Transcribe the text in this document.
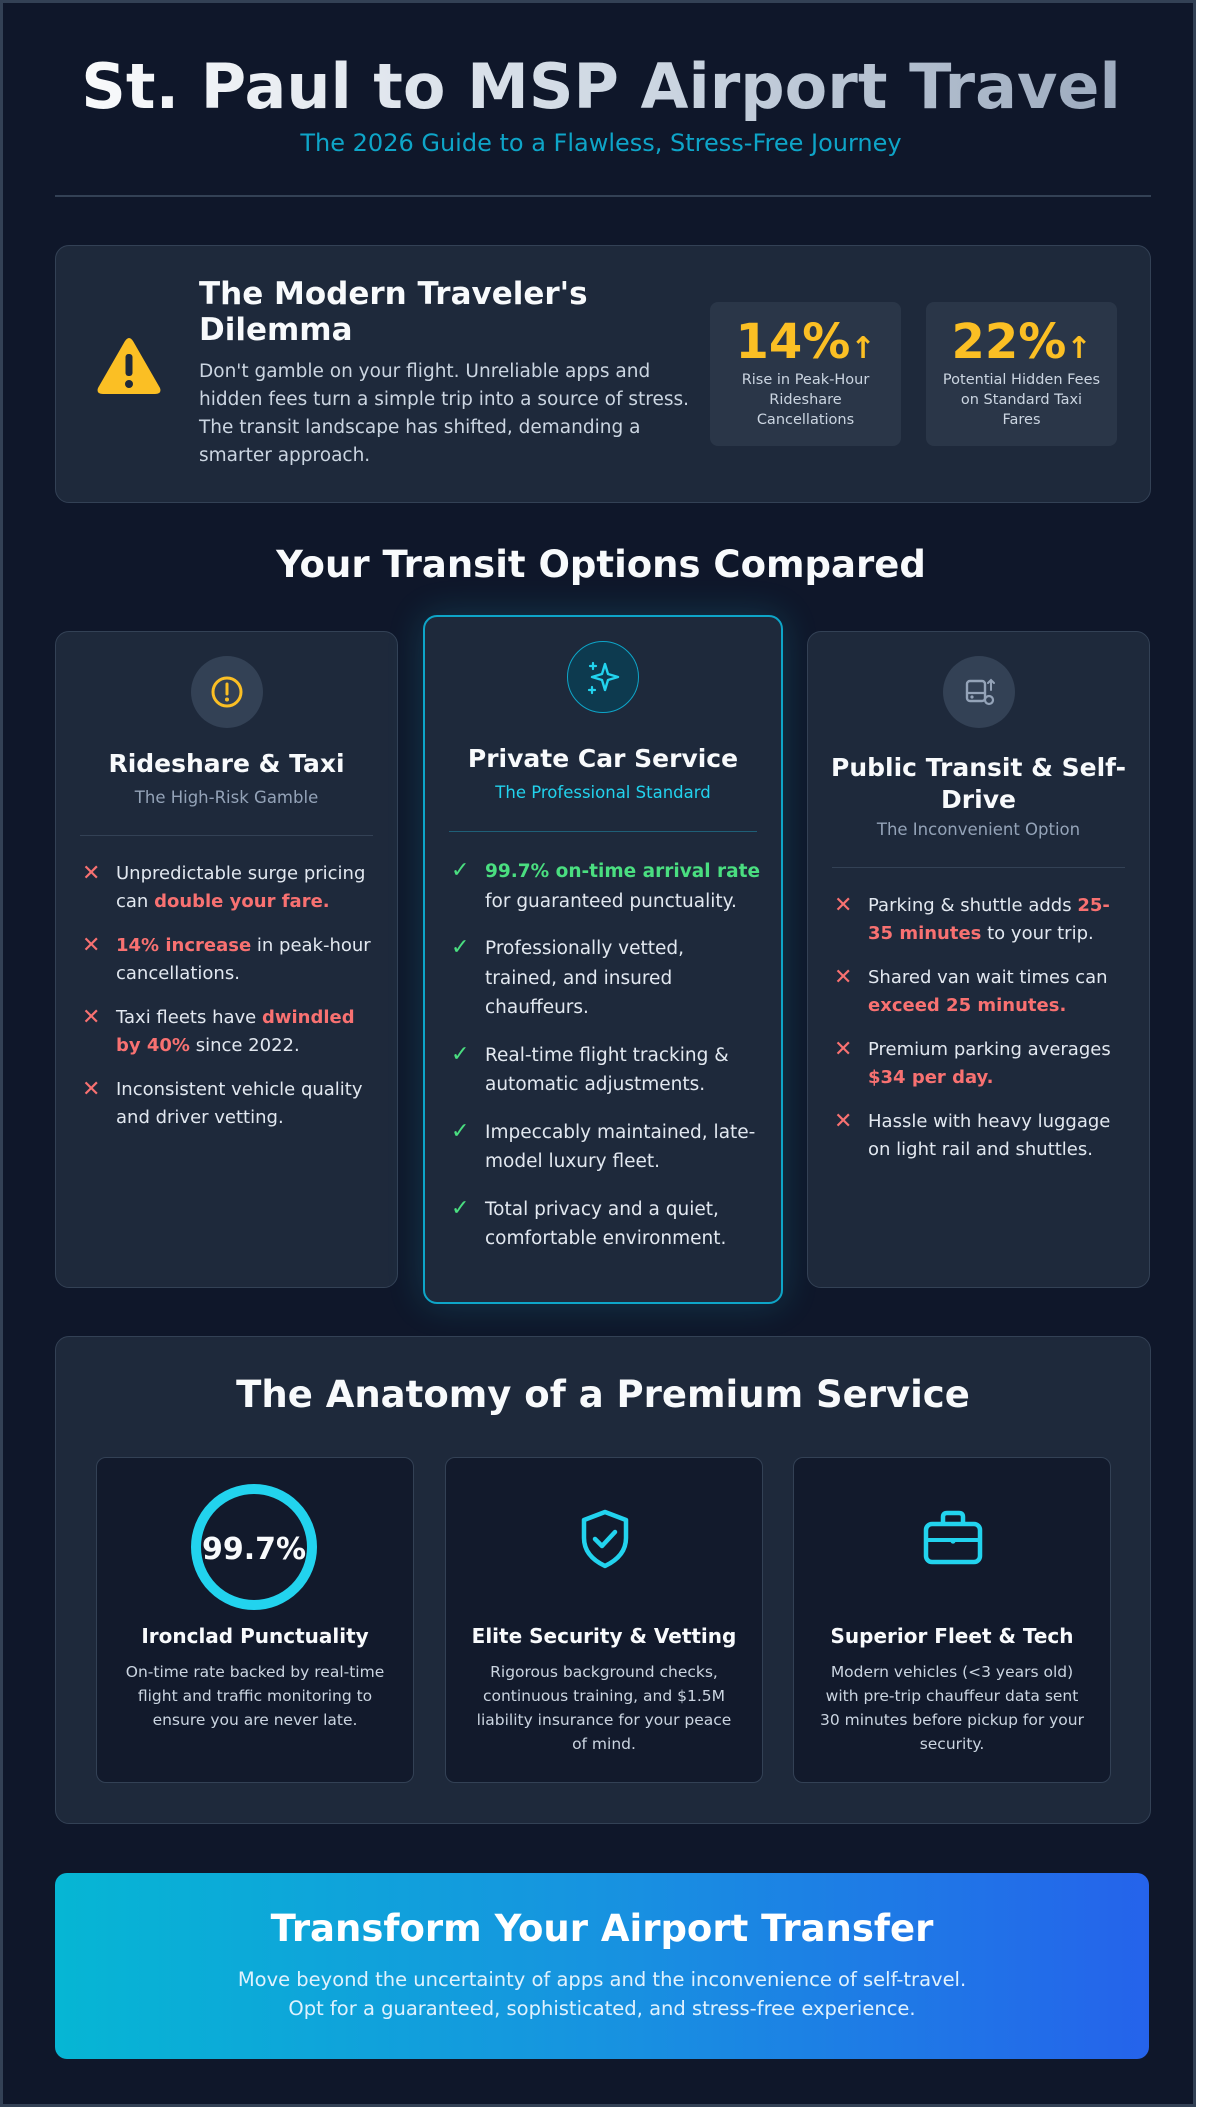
St. Paul to MSP Airport Travel
The 2026 Guide to a Flawless, Stress-Free Journey
The Modern Traveler's Dilemma

Don't gamble on your flight. Unreliable apps and hidden fees turn a simple trip into a source of stress. The transit landscape has shifted, demanding a smarter approach.

14%↑
Rise in Peak-Hour Rideshare Cancellations
22%↑
Potential Hidden Fees on Standard Taxi Fares
Your Transit Options Compared
Rideshare & Taxi
The High-Risk Gamble
✕ Unpredictable surge pricing can double your fare.
✕ 14% increase in peak-hour cancellations.
✕ Taxi fleets have dwindled by 40% since 2022.
✕ Inconsistent vehicle quality and driver vetting.
Private Car Service
The Professional Standard
✓ 99.7% on-time arrival rate for guaranteed punctuality.
✓ Professionally vetted, trained, and insured chauffeurs.
✓ Real-time flight tracking & automatic adjustments.
✓ Impeccably maintained, late-model luxury fleet.
✓ Total privacy and a quiet, comfortable environment.
Public Transit & Self-Drive
The Inconvenient Option
✕ Parking & shuttle adds 25-35 minutes to your trip.
✕ Shared van wait times can exceed 25 minutes.
✕ Premium parking averages $34 per day.
✕ Hassle with heavy luggage on light rail and shuttles.
The Anatomy of a Premium Service
99.7%
Ironclad Punctuality
On-time rate backed by real-time flight and traffic monitoring to ensure you are never late.
Elite Security & Vetting
Rigorous background checks, continuous training, and $1.5M liability insurance for your peace of mind.
Superior Fleet & Tech
Modern vehicles (<3 years old) with pre-trip chauffeur data sent 30 minutes before pickup for your security.
Transform Your Airport Transfer
Move beyond the uncertainty of apps and the inconvenience of self-travel.
Opt for a guaranteed, sophisticated, and stress-free experience.
